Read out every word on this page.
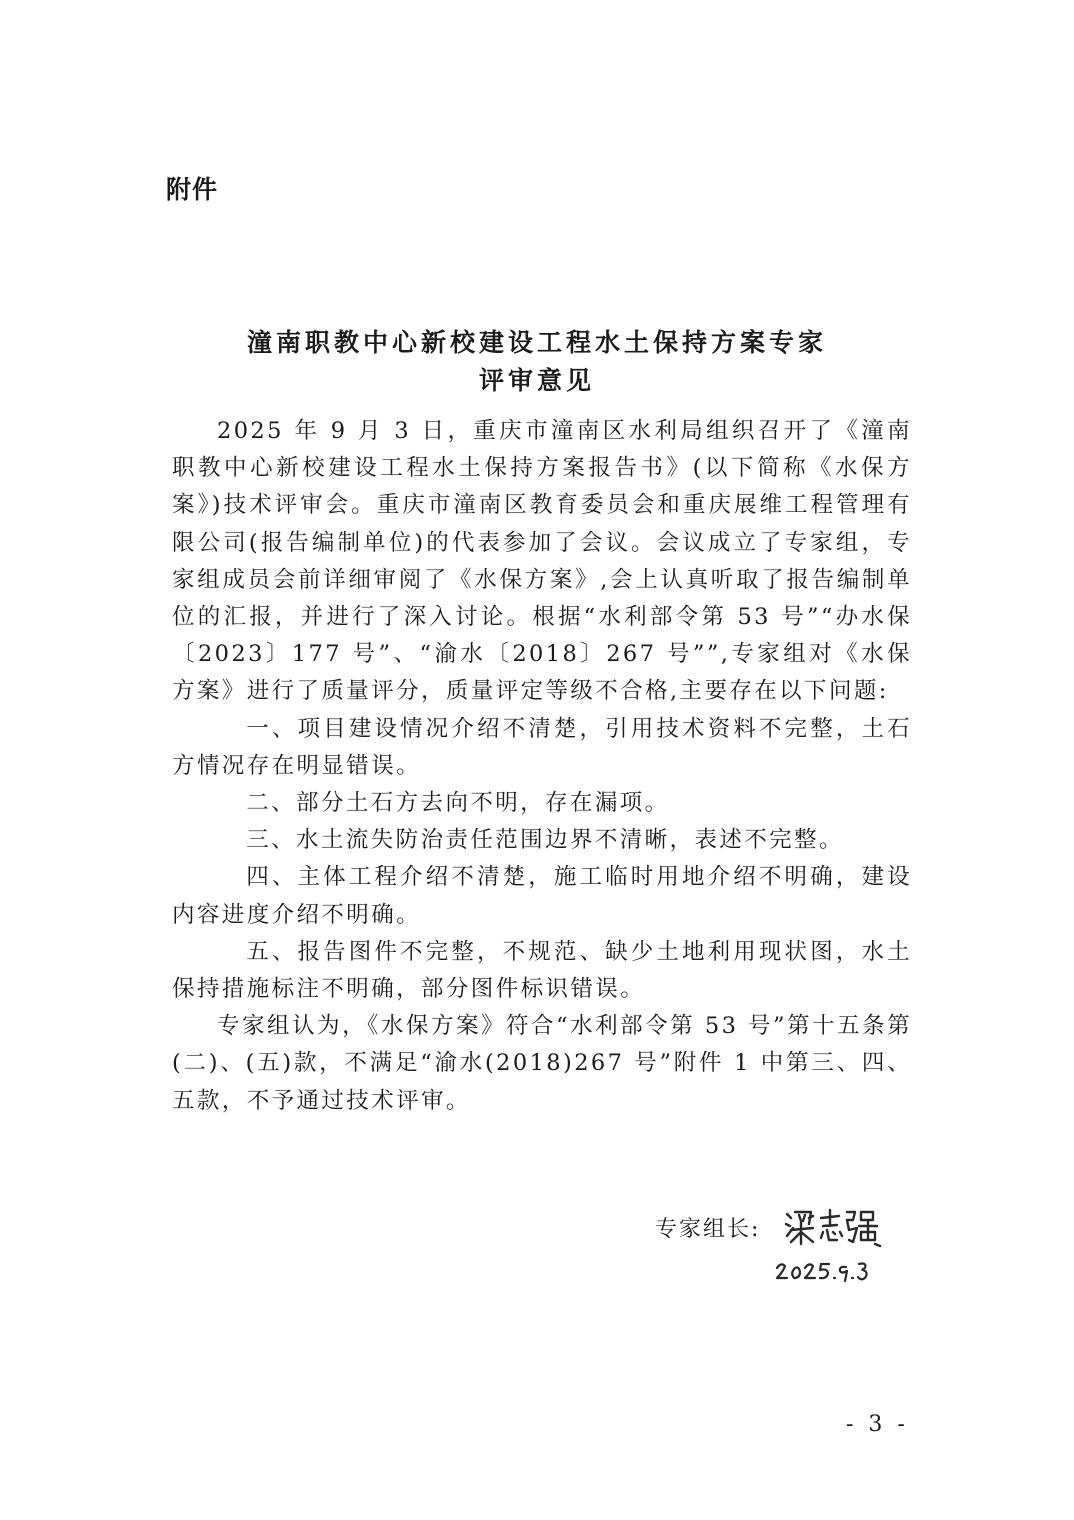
附件
潼南职教中心新校建设工程水土保持方案专家
评审意见

2025 年 9 月 3 日，重庆市潼南区水利局组织召开了《潼南职教中心新校建设工程水土保持方案报告书》(以下简称《水保方案》)技术评审会。重庆市潼南区教育委员会和重庆展维工程管理有限公司(报告编制单位)的代表参加了会议。会议成立了专家组，专家组成员会前详细审阅了《水保方案》,会上认真听取了报告编制单位的汇报，并进行了深入讨论。根据“水利部令第 53 号”“办水保〔2023〕177 号”、“渝水〔2018〕267 号””,专家组对《水保方案》进行了质量评分，质量评定等级不合格,主要存在以下问题:

一、项目建设情况介绍不清楚，引用技术资料不完整，土石方情况存在明显错误。

二、部分土石方去向不明，存在漏项。

三、水土流失防治责任范围边界不清晰，表述不完整。

四、主体工程介绍不清楚，施工临时用地介绍不明确，建设内容进度介绍不明确。

五、报告图件不完整，不规范、缺少土地利用现状图，水土保持措施标注不明确，部分图件标识错误。

专家组认为，《水保方案》符合“水利部令第 53 号”第十五条第(二)、(五)款，不满足“渝水(2018)267 号”附件 1 中第三、四、五款，不予通过技术评审。

专家组长:
- 3 -
